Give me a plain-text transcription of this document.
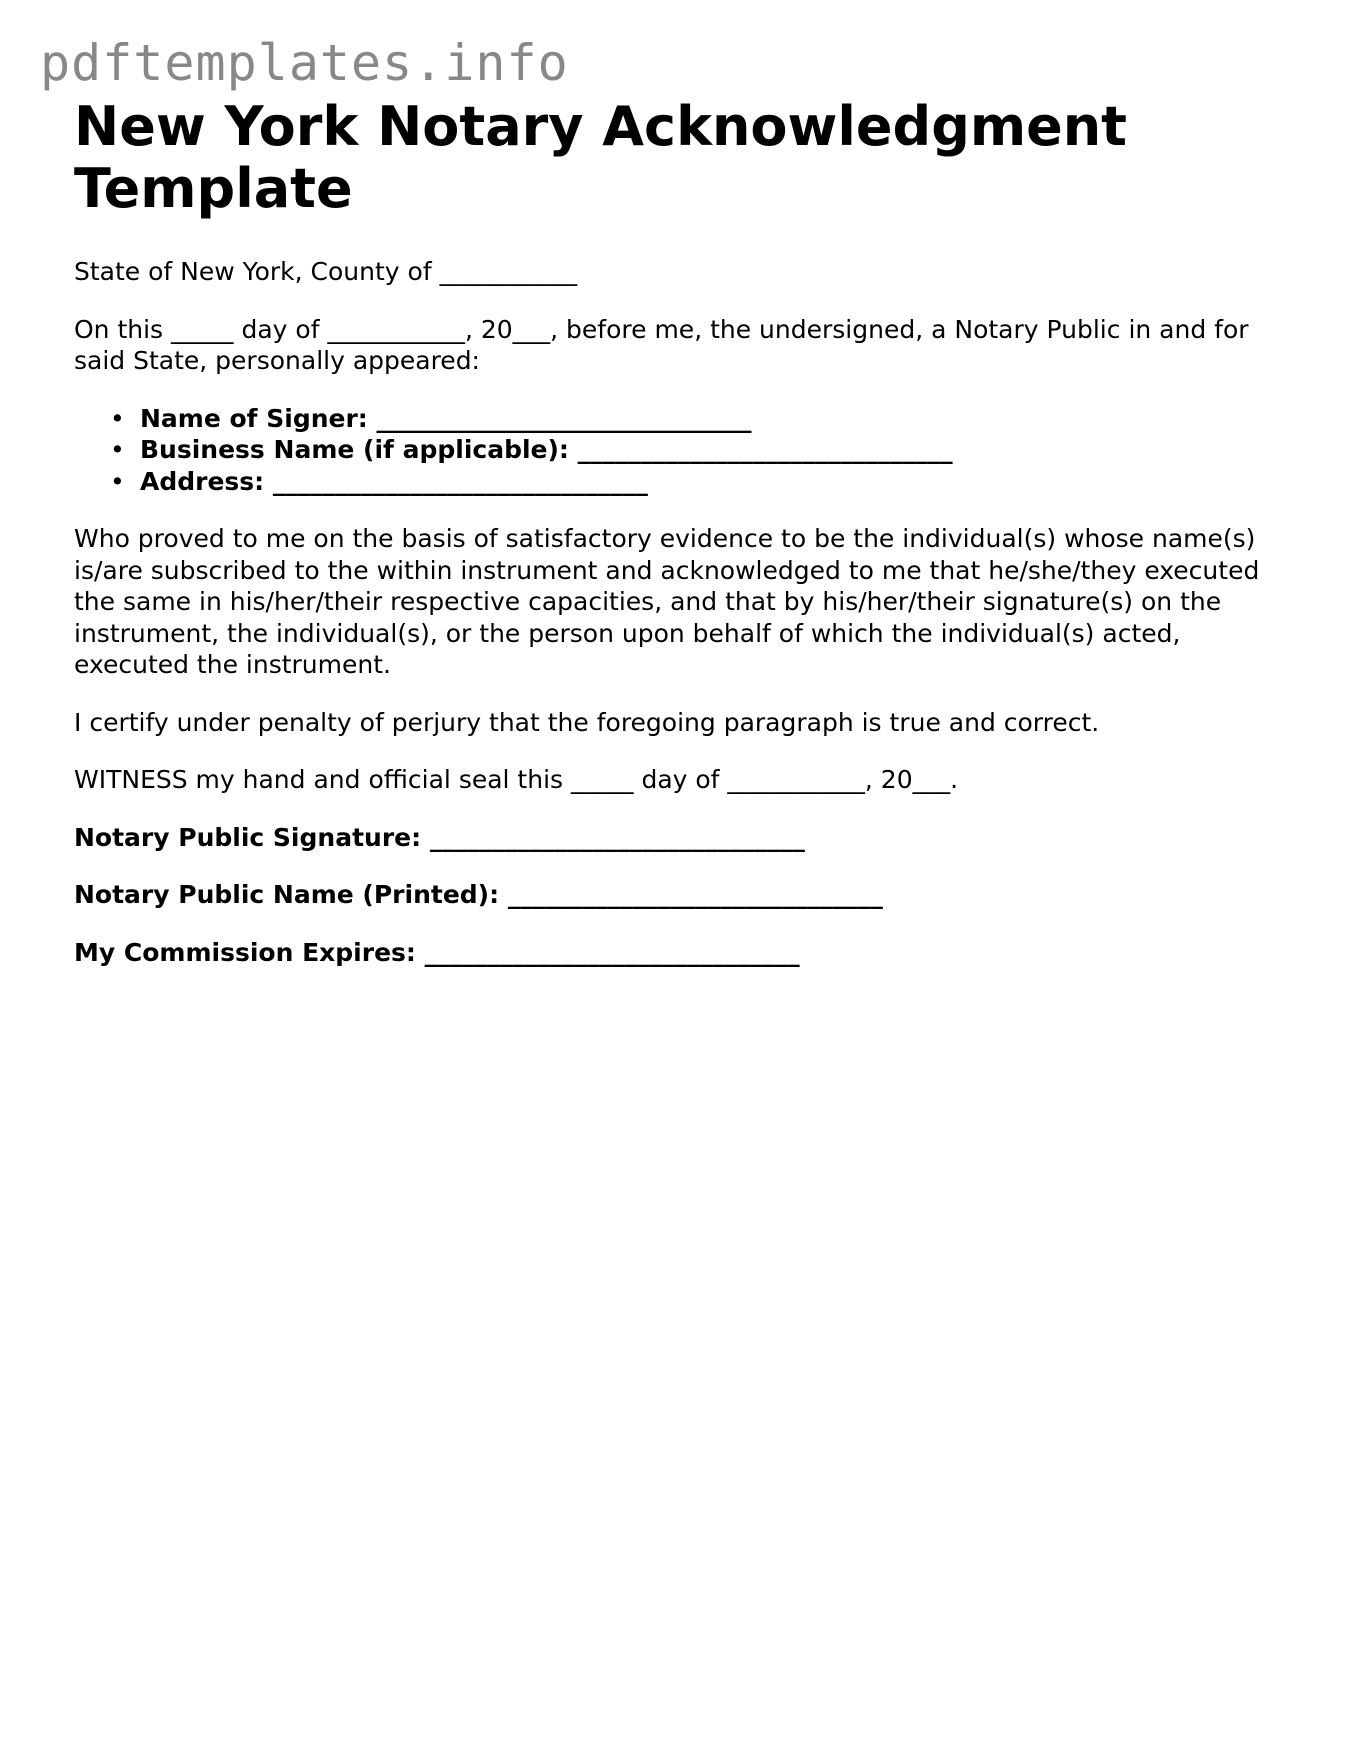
pdftemplates.info
New York Notary Acknowledgment Template

State of New York, County of ___________

On this _____ day of ___________, 20___, before me, the undersigned, a Notary Public in and for said State, personally appeared:

• Name of Signer: ______________________________
• Business Name (if applicable): ______________________________
• Address: ______________________________

Who proved to me on the basis of satisfactory evidence to be the individual(s) whose name(s) is/are subscribed to the within instrument and acknowledged to me that he/she/they executed the same in his/her/their respective capacities, and that by his/her/their signature(s) on the instrument, the individual(s), or the person upon behalf of which the individual(s) acted, executed the instrument.

I certify under penalty of perjury that the foregoing paragraph is true and correct.

WITNESS my hand and official seal this _____ day of ___________, 20___.

Notary Public Signature: ______________________________
Notary Public Name (Printed): ______________________________
My Commission Expires: ______________________________
